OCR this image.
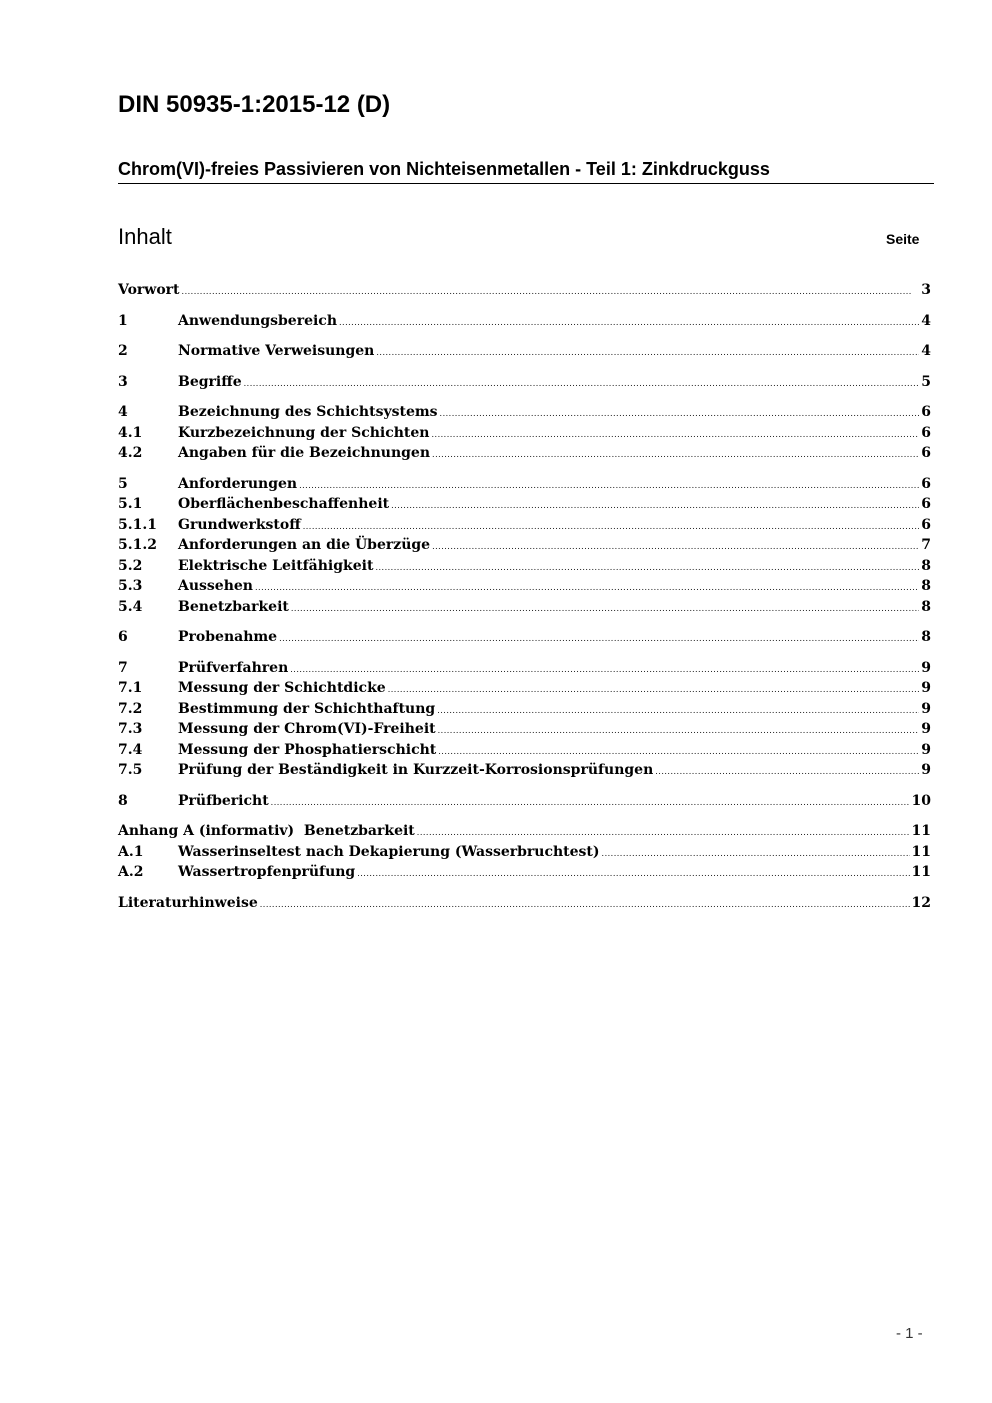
DIN 50935-1:2015-12 (D)
Chrom(VI)-freies Passivieren von Nichteisenmetallen - Teil 1: Zinkdruckguss
Inhalt	Seite
Vorwort .....	3
1	Anwendungsbereich .....	4
2	Normative Verweisungen .....	4
3	Begriffe .....	5
4	Bezeichnung des Schichtsystems .....	6
4.1	Kurzbezeichnung der Schichten .....	6
4.2	Angaben für die Bezeichnungen .....	6
5	Anforderungen .....	6
5.1	Oberflächenbeschaffenheit .....	6
5.1.1	Grundwerkstoff .....	6
5.1.2	Anforderungen an die Überzüge .....	7
5.2	Elektrische Leitfähigkeit .....	8
5.3	Aussehen .....	8
5.4	Benetzbarkeit .....	8
6	Probenahme .....	8
7	Prüfverfahren .....	9
7.1	Messung der Schichtdicke .....	9
7.2	Bestimmung der Schichthaftung .....	9
7.3	Messung der Chrom(VI)-Freiheit .....	9
7.4	Messung der Phosphatierschicht .....	9
7.5	Prüfung der Beständigkeit in Kurzzeit-Korrosionsprüfungen .....	9
8	Prüfbericht .....	10
Anhang A (informativ)  Benetzbarkeit .....	11
A.1	Wasserinseltest nach Dekapierung (Wasserbruchtest) .....	11
A.2	Wassertropfenprüfung .....	11
Literaturhinweise .....	12
- 1 -
